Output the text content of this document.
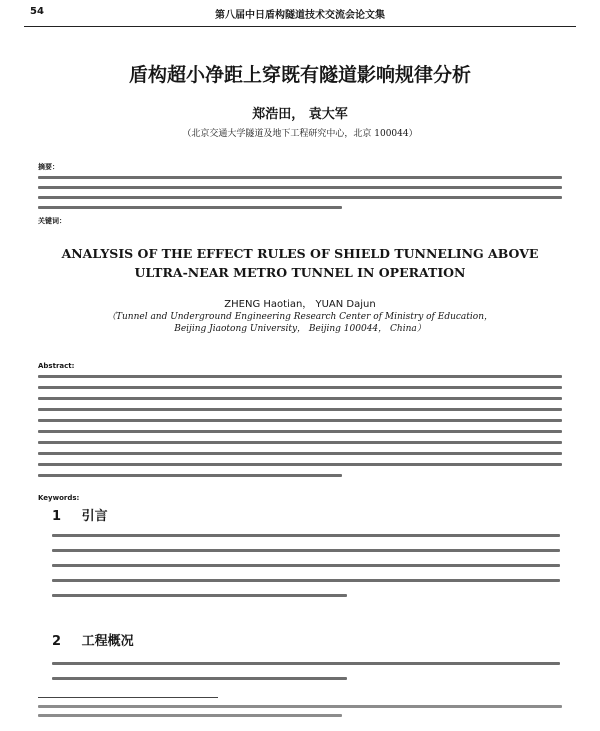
54	第八届中日盾构隧道技术交流会论文集
盾构超小净距上穿既有隧道影响规律分析
郑浩田， 袁大军
（北京交通大学隧道及地下工程研究中心，北京 100044）
摘要：
关键词：
ANALYSIS OF THE EFFECT RULES OF SHIELD TUNNELING ABOVE
ULTRA-NEAR METRO TUNNEL IN OPERATION
ZHENG Haotian， YUAN Dajun
（Tunnel and Underground Engineering Research Center of Ministry of Education，
Beijing Jiaotong University， Beijing 100044， China）
Abstract:
Keywords:
1 引言
2 工程概况
